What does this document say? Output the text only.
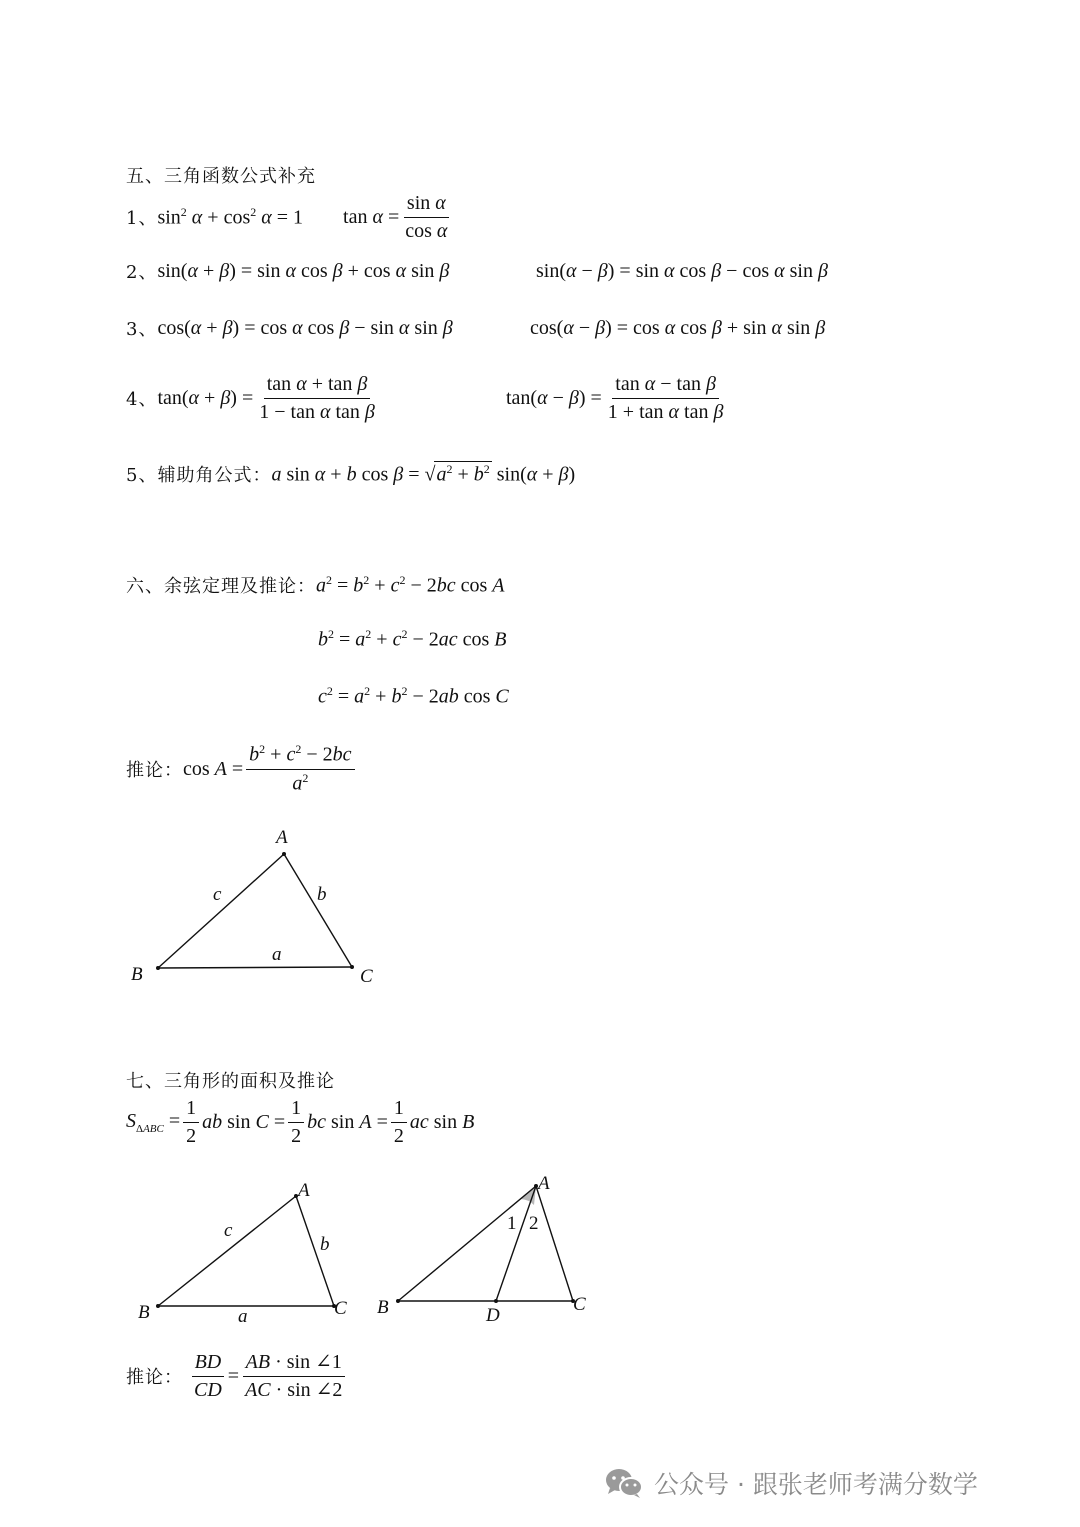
五、三角函数公式补充
1、 $\sin^2 \alpha + \cos^2 \alpha = 1$ $\tan \alpha = \frac{\text{sin α}}{\text{cos α}}$
2、 sin(α + β) = sin α cos β + cos α sin β	sin(α − β) = sin α cos β − cos α sin β
3、 cos(α + β) = cos α cos β − sin α sin β	cos(α − β) = cos α cos β + sin α sin β
4、 $\tan(\alpha + \beta) = \frac{\text{tan α + tan β}}{\text{1 − tan α tan β}}$	$\tan(\alpha - \beta) = \frac{\text{tan α − tan β}}{\text{1 + tan α tan β}}$
5、辅助角公式： a sin α + b $\cos \beta = √a^2 + b^2$ sin(α + β)
六、余弦定理及推论： $a^2 = b^2 + c^2 - 2bc$ cos A
$b^2 = a^2 + c^2 - 2ac$ cos B
$c^2 = a^2 + b^2 - 2ab$ cos C
推论： $\cos A = \frac{b^2 + c^2 - 2bc}{a^2}$
A
B	C
a
b
c
七、三角形的面积及推论
$S_{\Delta ABC} = \frac{1}{2}$ ab $\sin C = \frac{1}{2}$ bc $\sin A = \frac{1}{2}$ ac sin B
A
B	C
a
b
c
A
B	C
D
1 2
推论： $\frac{BD}{CD} = \frac{AB \cdot \sin \angle 1}{AC \cdot \sin \angle 2}$
公众号 · 跟张老师考满分数学
